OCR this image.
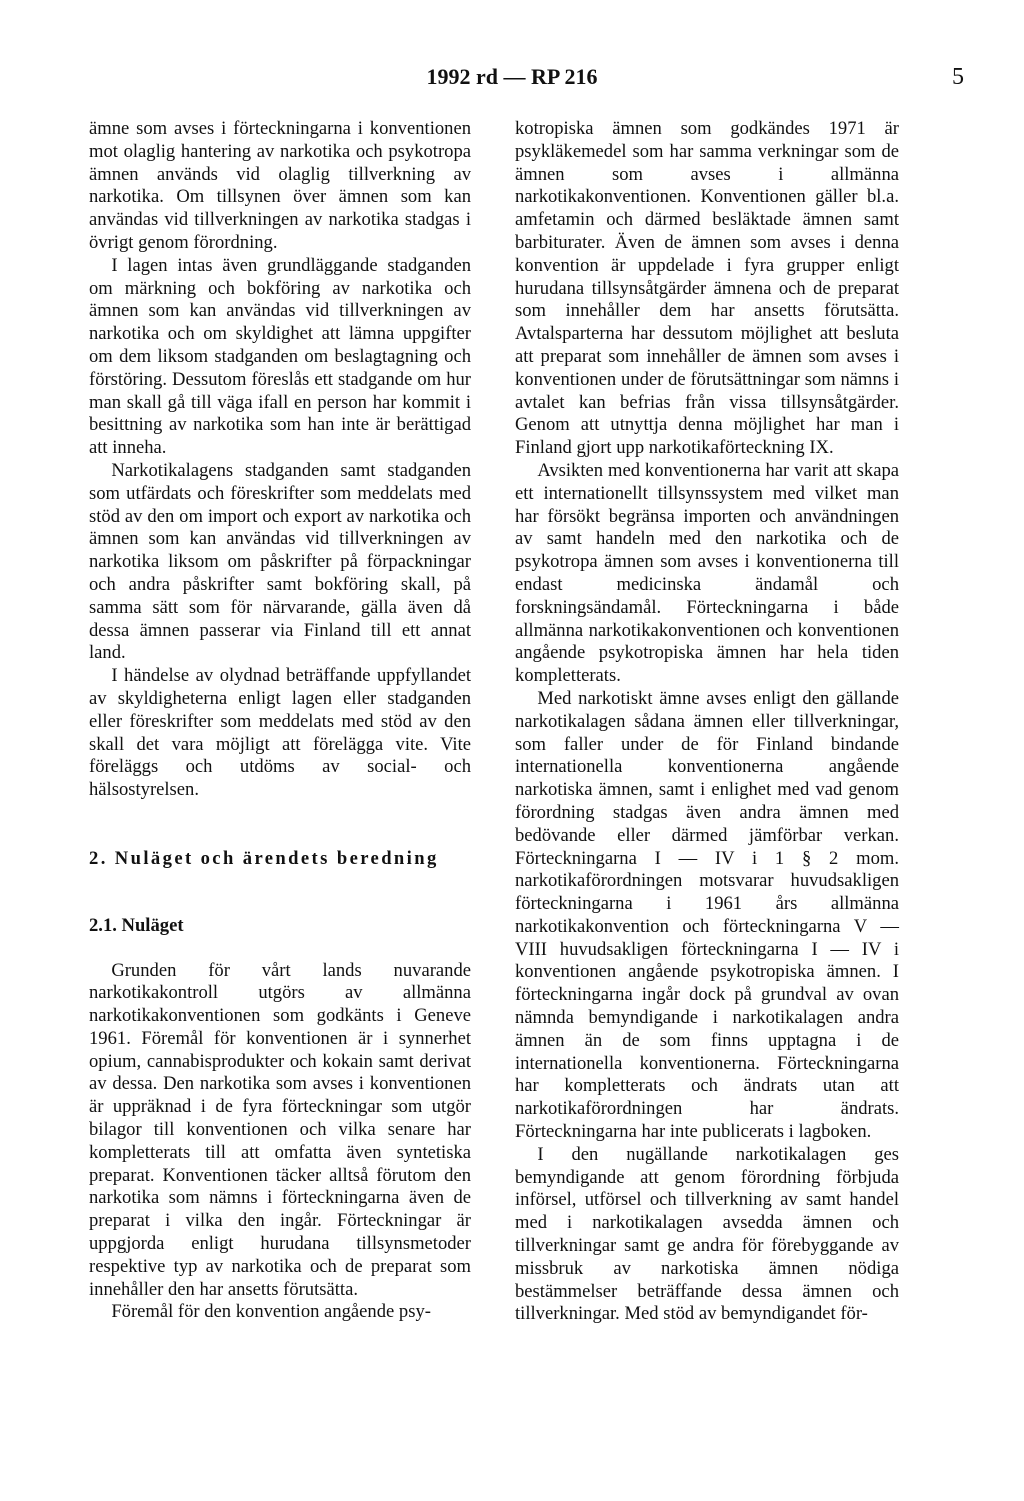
1992 rd — RP 216	5

ämne som avses i förteckningarna i konventionen mot olaglig hantering av narkotika och psykotropa ämnen används vid olaglig tillverkning av narkotika. Om tillsynen över ämnen som kan användas vid tillverkningen av narkotika stadgas i övrigt genom förordning.

I lagen intas även grundläggande stadganden om märkning och bokföring av narkotika och ämnen som kan användas vid tillverkningen av narkotika och om skyldighet att lämna uppgifter om dem liksom stadganden om beslagtagning och förstöring. Dessutom föreslås ett stadgande om hur man skall gå till väga ifall en person har kommit i besittning av narkotika som han inte är berättigad att inneha.

Narkotikalagens stadganden samt stadganden som utfärdats och föreskrifter som meddelats med stöd av den om import och export av narkotika och ämnen som kan användas vid tillverkningen av narkotika liksom om påskrifter på förpackningar och andra påskrifter samt bokföring skall, på samma sätt som för närvarande, gälla även då dessa ämnen passerar via Finland till ett annat land.

I händelse av olydnad beträffande uppfyllandet av skyldigheterna enligt lagen eller stadganden eller föreskrifter som meddelats med stöd av den skall det vara möjligt att förelägga vite. Vite föreläggs och utdöms av social- och hälsostyrelsen.

2. Nuläget och ärendets beredning
2.1. Nuläget

Grunden för vårt lands nuvarande narkotikakontroll utgörs av allmänna narkotikakonventionen som godkänts i Geneve 1961. Föremål för konventionen är i synnerhet opium, cannabisprodukter och kokain samt derivat av dessa. Den narkotika som avses i konventionen är uppräknad i de fyra förteckningar som utgör bilagor till konventionen och vilka senare har kompletterats till att omfatta även syntetiska preparat. Konventionen täcker alltså förutom den narkotika som nämns i förteckningarna även de preparat i vilka den ingår. Förteckningar är uppgjorda enligt hurudana tillsynsmetoder respektive typ av narkotika och de preparat som innehåller den har ansetts förutsätta.

Föremål för den konvention angående psy-

kotropiska ämnen som godkändes 1971 är psykläkemedel som har samma verkningar som de ämnen som avses i allmänna narkotikakonventionen. Konventionen gäller bl.a. amfetamin och därmed besläktade ämnen samt barbiturater. Även de ämnen som avses i denna konvention är uppdelade i fyra grupper enligt hurudana tillsynsåtgärder ämnena och de preparat som innehåller dem har ansetts förutsätta. Avtalsparterna har dessutom möjlighet att besluta att preparat som innehåller de ämnen som avses i konventionen under de förutsättningar som nämns i avtalet kan befrias från vissa tillsynsåtgärder. Genom att utnyttja denna möjlighet har man i Finland gjort upp narkotikaförteckning IX.

Avsikten med konventionerna har varit att skapa ett internationellt tillsynssystem med vilket man har försökt begränsa importen och användningen av samt handeln med den narkotika och de psykotropa ämnen som avses i konventionerna till endast medicinska ändamål och forskningsändamål. Förteckningarna i både allmänna narkotikakonventionen och konventionen angående psykotropiska ämnen har hela tiden kompletterats.

Med narkotiskt ämne avses enligt den gällande narkotikalagen sådana ämnen eller tillverkningar, som faller under de för Finland bindande internationella konventionerna angående narkotiska ämnen, samt i enlighet med vad genom förordning stadgas även andra ämnen med bedövande eller därmed jämförbar verkan. Förteckningarna I — IV i 1 § 2 mom. narkotikaförordningen motsvarar huvudsakligen förteckningarna i 1961 års allmänna narkotikakonvention och förteckningarna V — VIII huvudsakligen förteckningarna I — IV i konventionen angående psykotropiska ämnen. I förteckningarna ingår dock på grundval av ovan nämnda bemyndigande i narkotikalagen andra ämnen än de som finns upptagna i de internationella konventionerna. Förteckningarna har kompletterats och ändrats utan att narkotikaförordningen har ändrats. Förteckningarna har inte publicerats i lagboken.

I den nugällande narkotikalagen ges bemyndigande att genom förordning förbjuda införsel, utförsel och tillverkning av samt handel med i narkotikalagen avsedda ämnen och tillverkningar samt ge andra för förebyggande av missbruk av narkotiska ämnen nödiga bestämmelser beträffande dessa ämnen och tillverkningar. Med stöd av bemyndigandet för-
